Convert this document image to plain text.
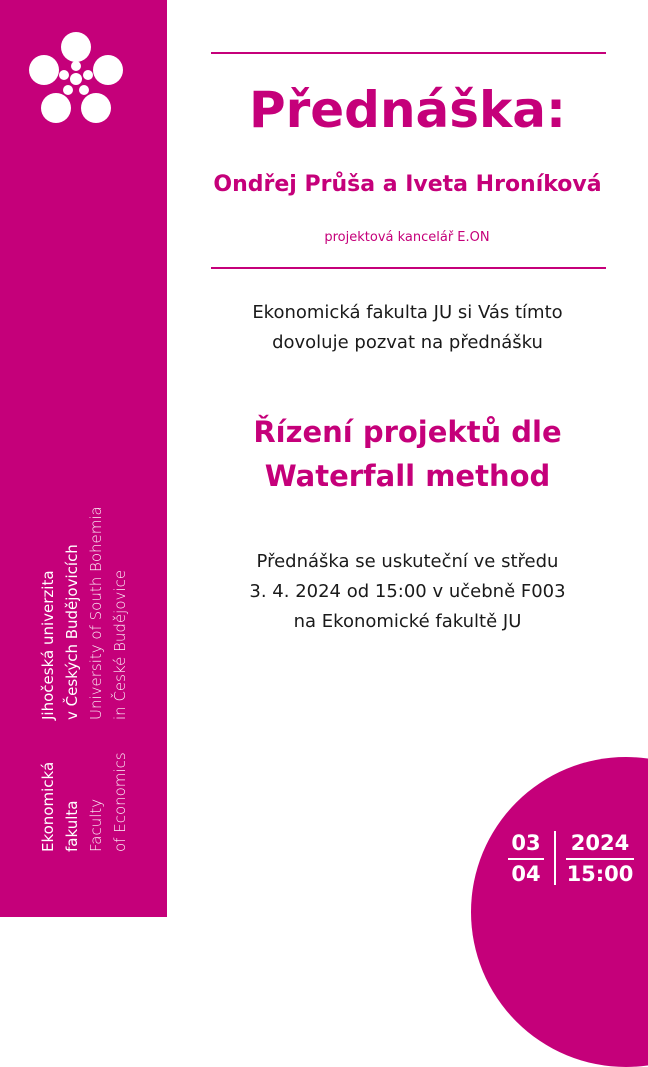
Jihočeská univerzita v Českých Budějovicích University of South Bohemia in České Budějovice
Ekonomická fakulta Faculty of Economics
Přednáška:
Ondřej Průša a Iveta Hroníková
projektová kancelář E.ON
Ekonomická fakulta JU si Vás tímto
dovoluje pozvat na přednášku
Řízení projektů dle
Waterfall method
Přednáška se uskuteční ve středu
3. 4. 2024 od 15:00 v učebně F003
na Ekonomické fakultě JU
03
04
2024
15:00
